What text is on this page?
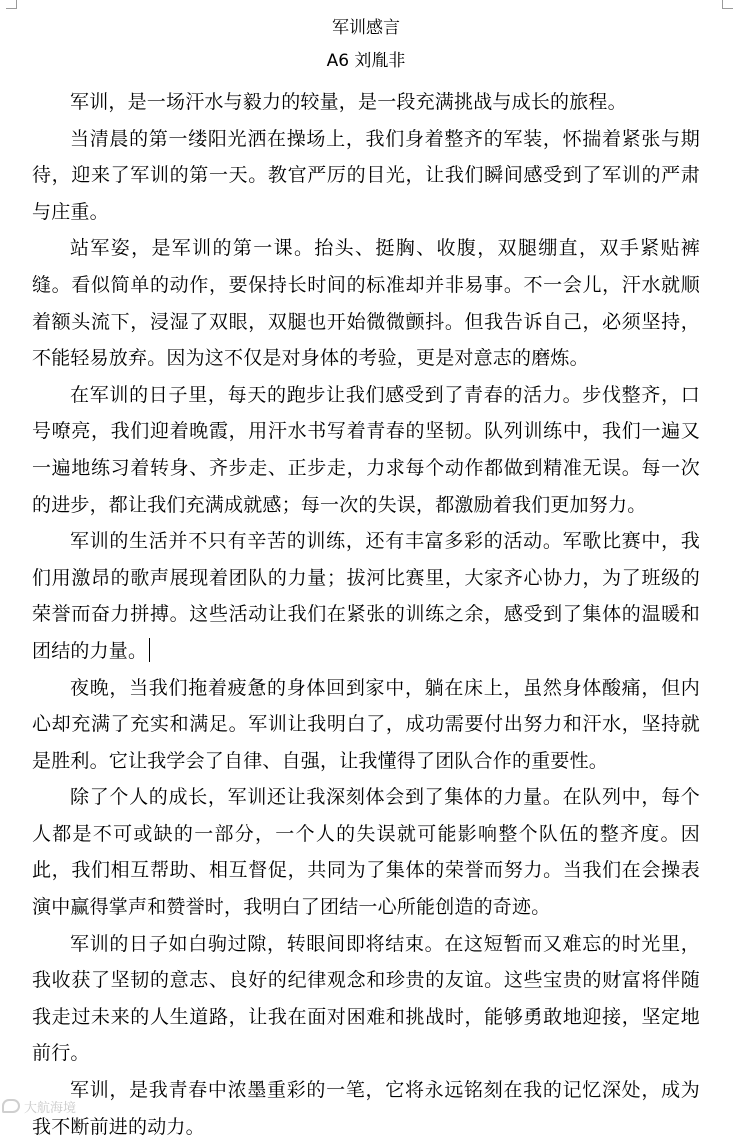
军训感言

A6 刘胤非

军训，是一场汗水与毅力的较量，是一段充满挑战与成长的旅程。

当清晨的第一缕阳光洒在操场上，我们身着整齐的军装，怀揣着紧张与期待，迎来了军训的第一天。教官严厉的目光，让我们瞬间感受到了军训的严肃与庄重。

站军姿，是军训的第一课。抬头、挺胸、收腹，双腿绷直，双手紧贴裤缝。看似简单的动作，要保持长时间的标准却并非易事。不一会儿，汗水就顺着额头流下，浸湿了双眼，双腿也开始微微颤抖。但我告诉自己，必须坚持，不能轻易放弃。因为这不仅是对身体的考验，更是对意志的磨炼。

在军训的日子里，每天的跑步让我们感受到了青春的活力。步伐整齐，口号嘹亮，我们迎着晚霞，用汗水书写着青春的坚韧。队列训练中，我们一遍又一遍地练习着转身、齐步走、正步走，力求每个动作都做到精准无误。每一次的进步，都让我们充满成就感；每一次的失误，都激励着我们更加努力。

军训的生活并不只有辛苦的训练，还有丰富多彩的活动。军歌比赛中，我们用激昂的歌声展现着团队的力量；拔河比赛里，大家齐心协力，为了班级的荣誉而奋力拼搏。这些活动让我们在紧张的训练之余，感受到了集体的温暖和团结的力量。

夜晚，当我们拖着疲惫的身体回到家中，躺在床上，虽然身体酸痛，但内心却充满了充实和满足。军训让我明白了，成功需要付出努力和汗水，坚持就是胜利。它让我学会了自律、自强，让我懂得了团队合作的重要性。

除了个人的成长，军训还让我深刻体会到了集体的力量。在队列中，每个人都是不可或缺的一部分，一个人的失误就可能影响整个队伍的整齐度。因此，我们相互帮助、相互督促，共同为了集体的荣誉而努力。当我们在会操表演中赢得掌声和赞誉时，我明白了团结一心所能创造的奇迹。

军训的日子如白驹过隙，转眼间即将结束。在这短暂而又难忘的时光里，我收获了坚韧的意志、良好的纪律观念和珍贵的友谊。这些宝贵的财富将伴随我走过未来的人生道路，让我在面对困难和挑战时，能够勇敢地迎接，坚定地前行。

军训，是我青春中浓墨重彩的一笔，它将永远铭刻在我的记忆深处，成为我不断前进的动力。

大航海境
